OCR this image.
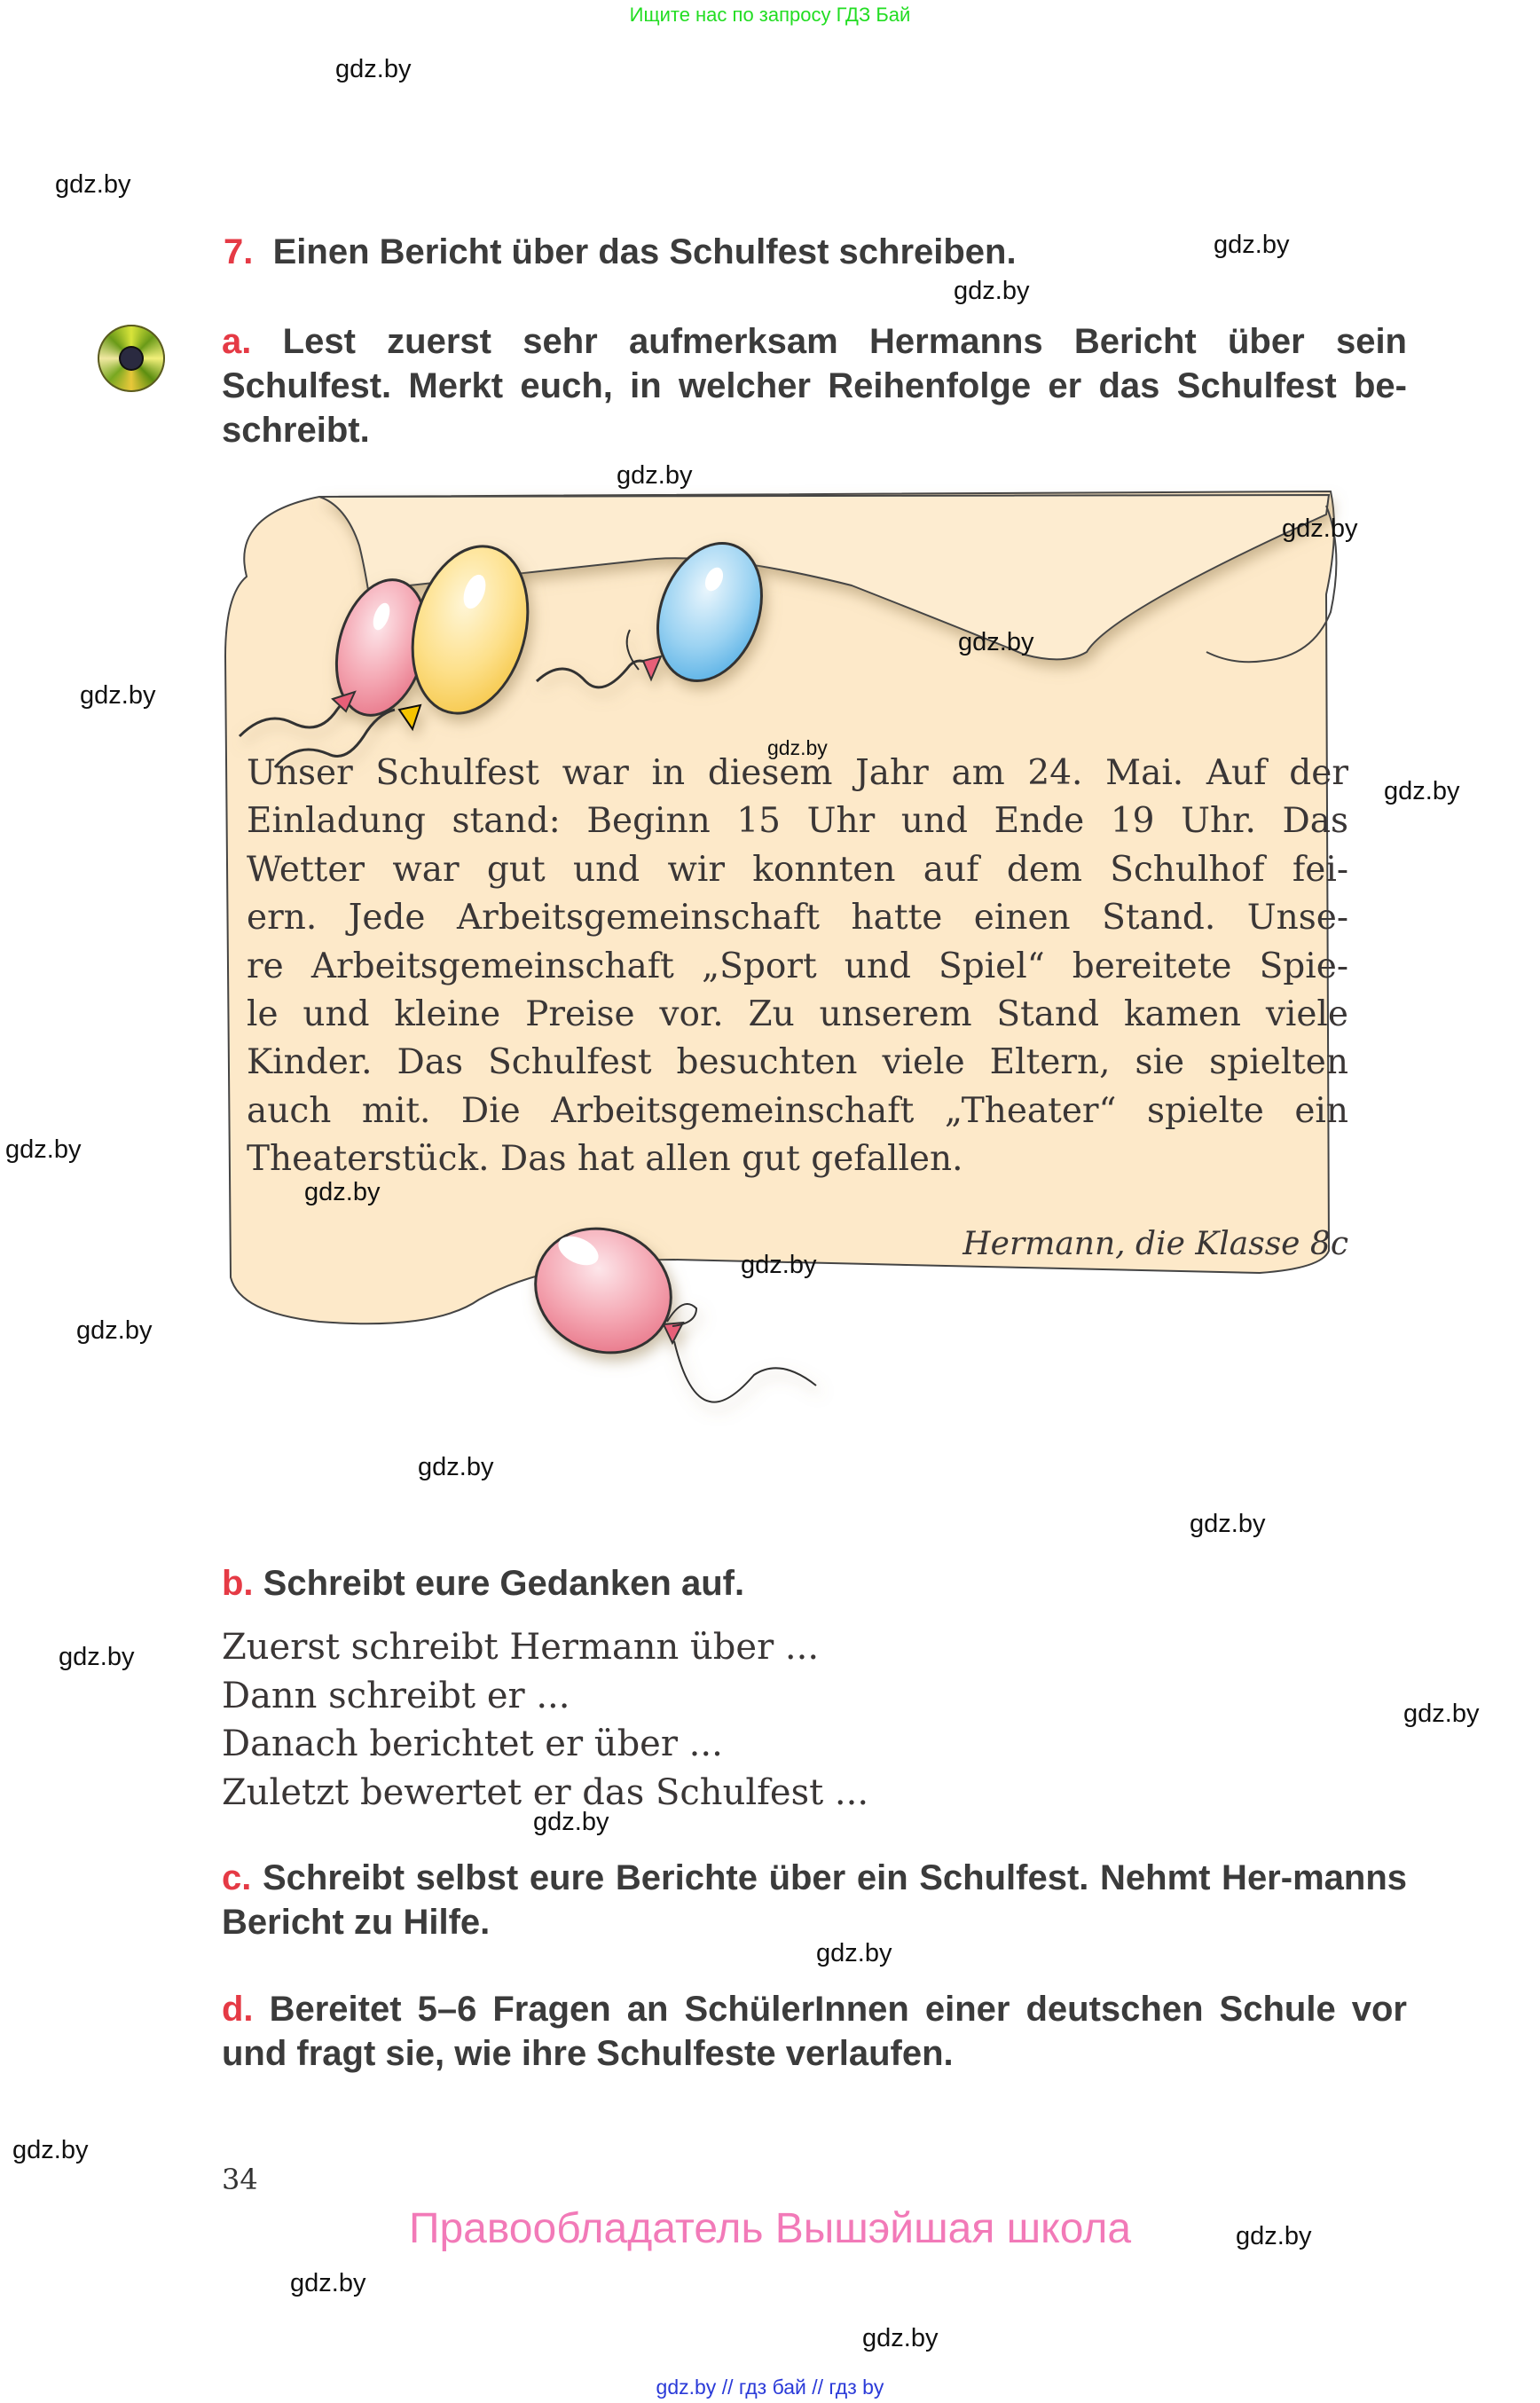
Ищите нас по запросу ГДЗ Бай
gdz.by
gdz.by
gdz.by
gdz.by
gdz.by
gdz.by
gdz.by
gdz.by
gdz.by
gdz.by
gdz.by
gdz.by
gdz.by
gdz.by
gdz.by
gdz.by
gdz.by
gdz.by
gdz.by
gdz.by
gdz.by
gdz.by
gdz.by
gdz.by
7. Einen Bericht über das Schulfest schreiben.
a. Lest zuerst sehr aufmerksam Hermanns Bericht über sein Schulfest. Merkt euch, in welcher Reihenfolge er das Schulfest be-schreibt.
Unser Schulfest war in diesem Jahr am 24. Mai. Auf der
Einladung stand: Beginn 15 Uhr und Ende 19 Uhr. Das
Wetter war gut und wir konnten auf dem Schulhof fei-
ern. Jede Arbeitsgemeinschaft hatte einen Stand. Unse-
re Arbeitsgemeinschaft „Sport und Spiel“ bereitete Spie-
le und kleine Preise vor. Zu unserem Stand kamen viele
Kinder. Das Schulfest besuchten viele Eltern, sie spielten
auch mit. Die Arbeitsgemeinschaft „Theater“ spielte ein
Theaterstück. Das hat allen gut gefallen.
Hermann, die Klasse 8c
b. Schreibt eure Gedanken auf.
Zuerst schreibt Hermann über ...
Dann schreibt er ...
Danach berichtet er über ...
Zuletzt bewertet er das Schulfest ...
c. Schreibt selbst eure Berichte über ein Schulfest. Nehmt Her-manns Bericht zu Hilfe.
d. Bereitet 5–6 Fragen an SchülerInnen einer deutschen Schule vor und fragt sie, wie ihre Schulfeste verlaufen.
34
Правообладатель Вышэйшая школа
gdz.by // гдз бай // гдз by
